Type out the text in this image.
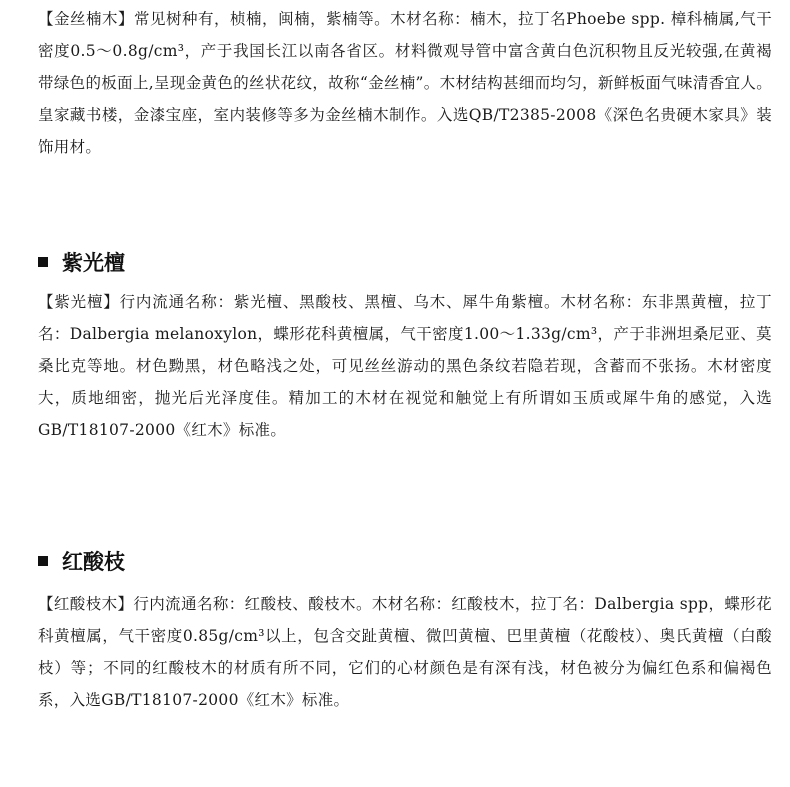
【金丝楠木】常见树种有，桢楠，闽楠，紫楠等。木材名称：楠木，拉丁名Phoebe spp. 樟科楠属,气干密度0.5～0.8g/cm³，产于我国长江以南各省区。材料微观导管中富含黄白色沉积物且反光较强,在黄褐带绿色的板面上,呈现金黄色的丝状花纹，故称“金丝楠”。木材结构甚细而均匀，新鲜板面气味清香宜人。皇家藏书楼，金漆宝座，室内装修等多为金丝楠木制作。入选QB/T2385-2008《深色名贵硬木家具》装饰用材。

紫光檀

【紫光檀】行内流通名称：紫光檀、黑酸枝、黑檀、乌木、犀牛角紫檀。木材名称：东非黑黄檀，拉丁名：Dalbergia melanoxylon，蝶形花科黄檀属，气干密度1.00～1.33g/cm³，产于非洲坦桑尼亚、莫桑比克等地。材色黝黑，材色略浅之处，可见丝丝游动的黑色条纹若隐若现，含蓄而不张扬。木材密度大，质地细密，抛光后光泽度佳。精加工的木材在视觉和触觉上有所谓如玉质或犀牛角的感觉，入选GB/T18107-2000《红木》标准。

红酸枝

【红酸枝木】行内流通名称：红酸枝、酸枝木。木材名称：红酸枝木，拉丁名：Dalbergia spp，蝶形花科黄檀属，气干密度0.85g/cm³以上，包含交趾黄檀、微凹黄檀、巴里黄檀（花酸枝）、奥氏黄檀（白酸枝）等；不同的红酸枝木的材质有所不同，它们的心材颜色是有深有浅，材色被分为偏红色系和偏褐色系，入选GB/T18107-2000《红木》标准。
